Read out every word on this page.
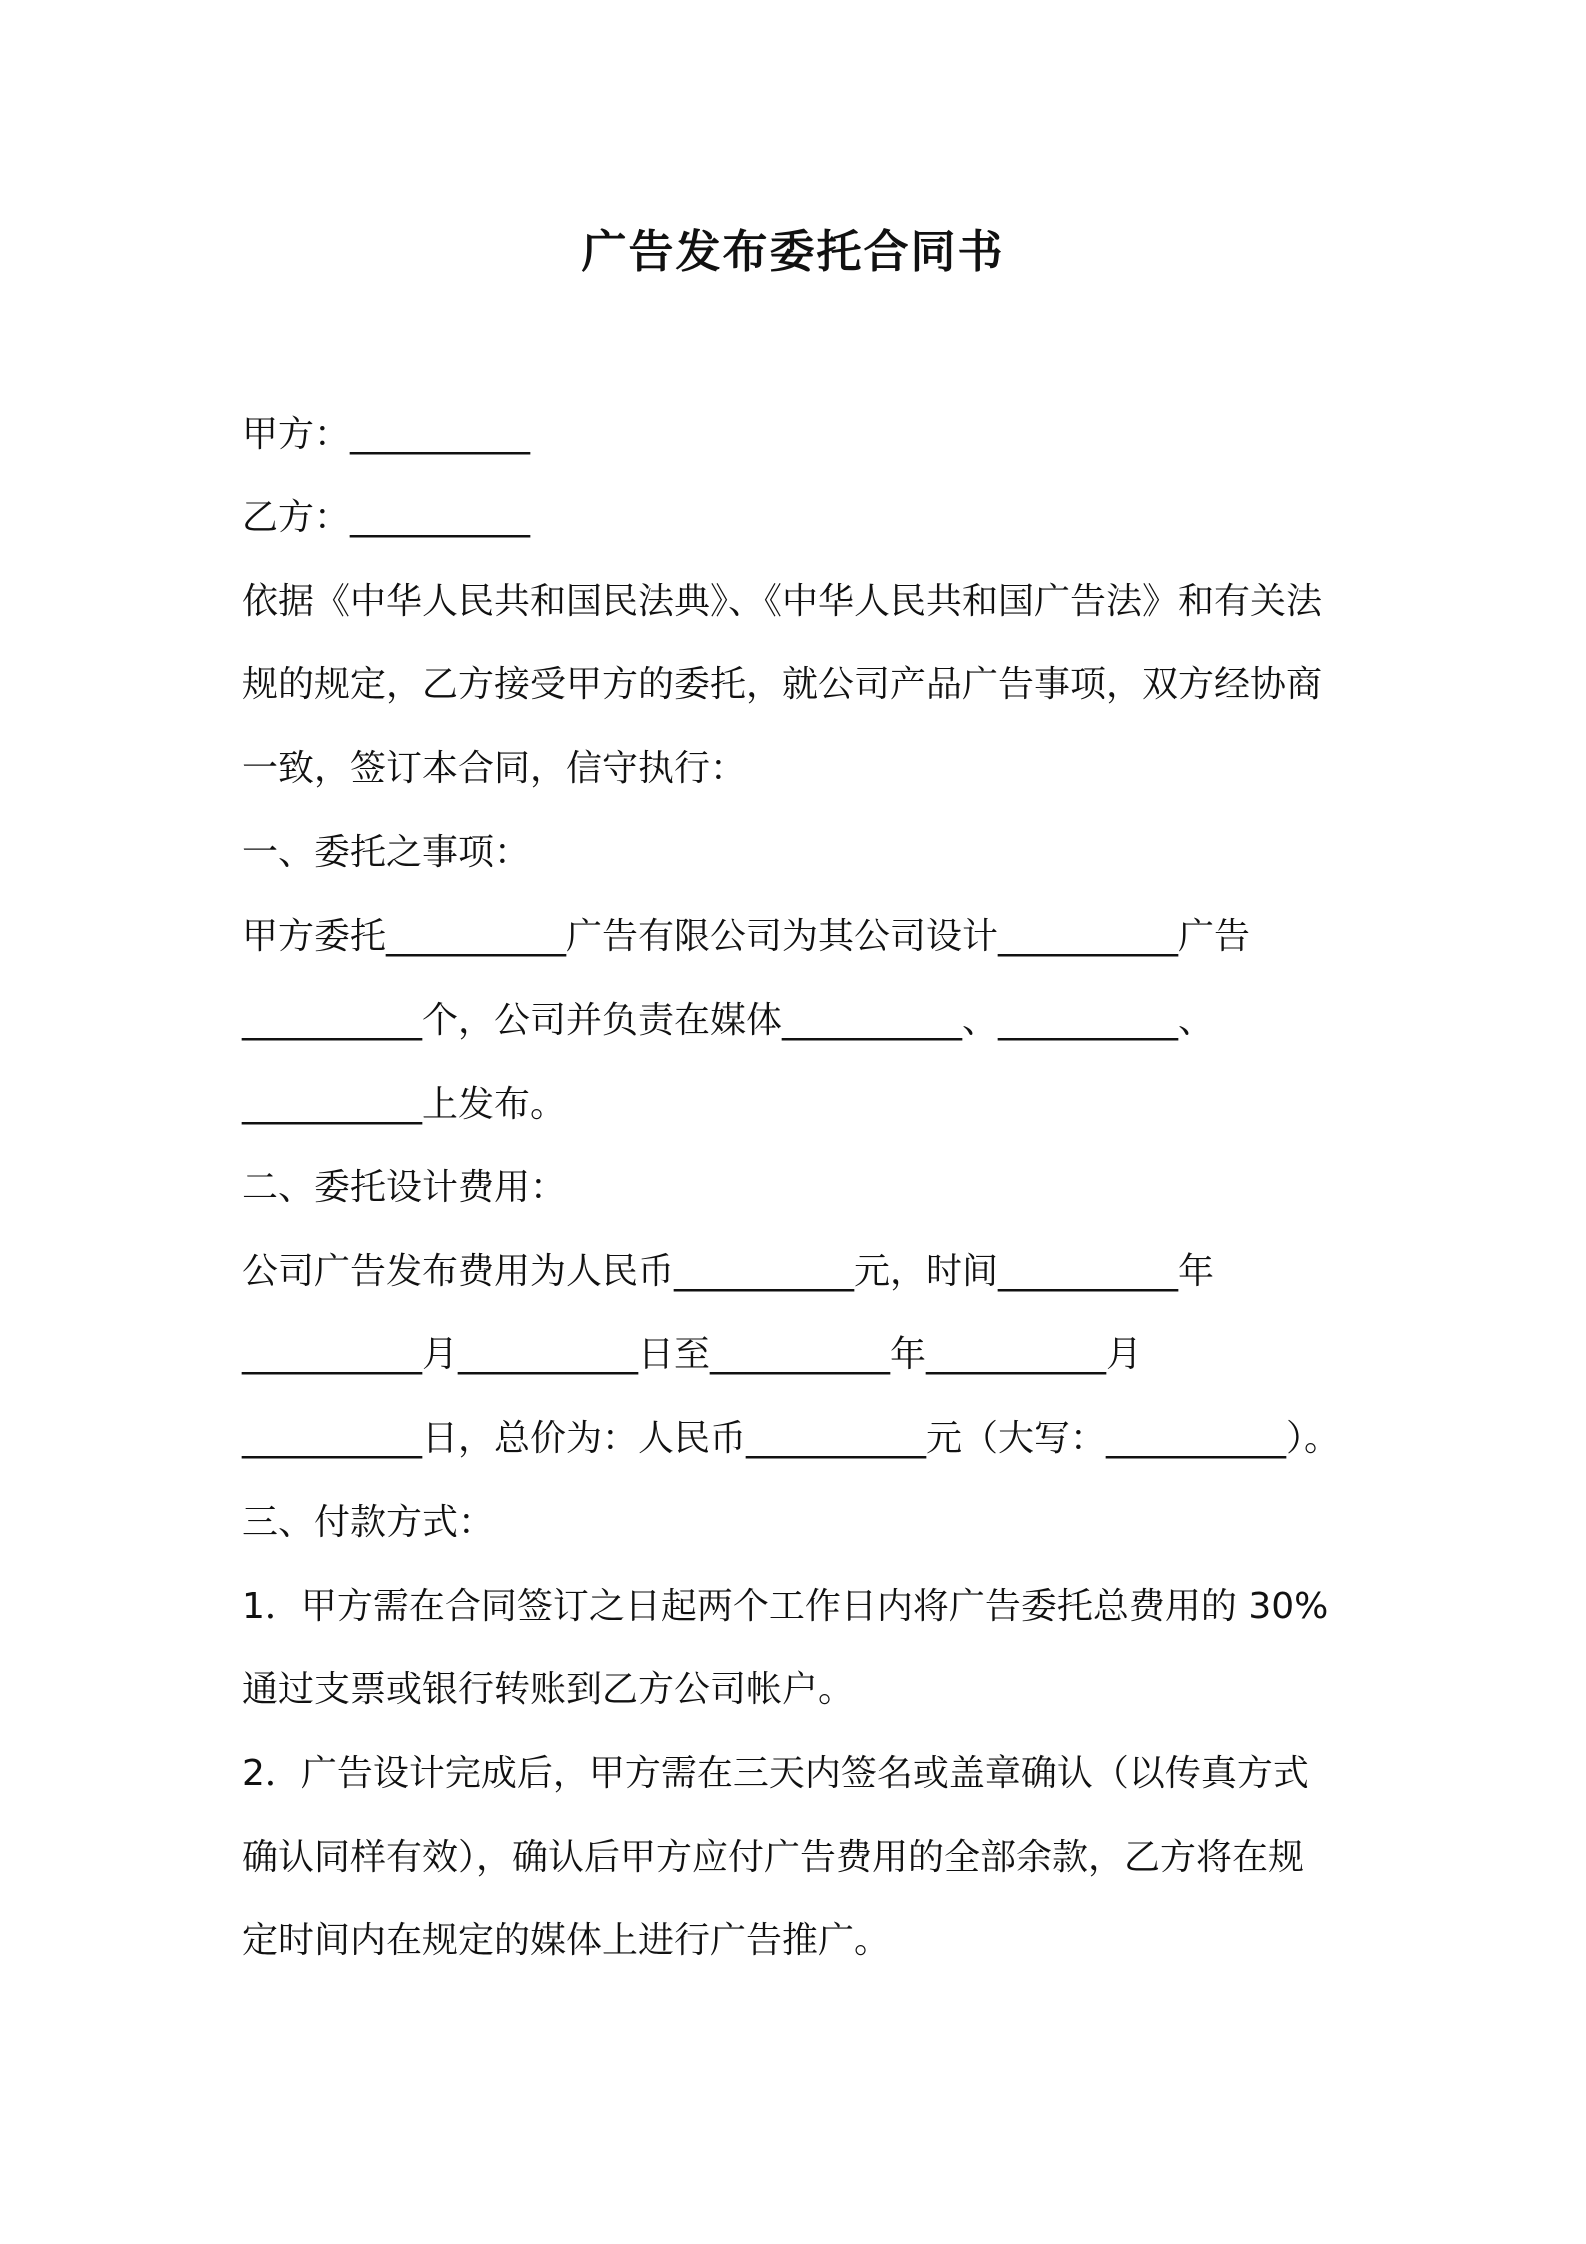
广告发布委托合同书

甲方：__________

乙方：__________

依据《中华人民共和国民法典》、《中华人民共和国广告法》和有关法

规的规定，乙方接受甲方的委托，就公司产品广告事项，双方经协商

一致，签订本合同，信守执行：

一、委托之事项：

甲方委托__________广告有限公司为其公司设计__________广告

__________个，公司并负责在媒体__________、__________、

__________上发布。

二、委托设计费用：

公司广告发布费用为人民币__________元，时间__________年

__________月__________日至__________年__________月

__________日，总价为：人民币__________元（大写：__________）。

三、付款方式：

1．甲方需在合同签订之日起两个工作日内将广告委托总费用的 30%

通过支票或银行转账到乙方公司帐户。

2．广告设计完成后，甲方需在三天内签名或盖章确认（以传真方式

确认同样有效），确认后甲方应付广告费用的全部余款，乙方将在规

定时间内在规定的媒体上进行广告推广。
